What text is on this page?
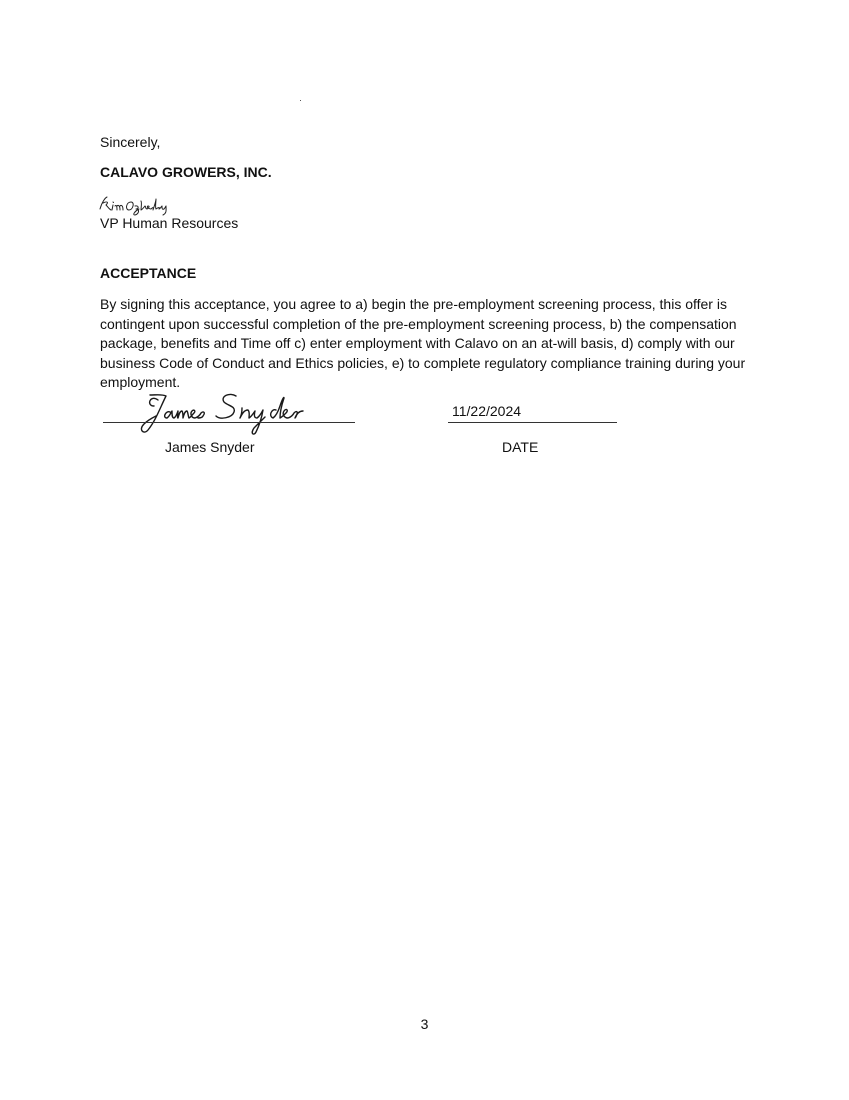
Sincerely,
CALAVO GROWERS, INC.
VP Human Resources
ACCEPTANCE
By signing this acceptance, you agree to a) begin the pre-employment screening process, this offer is contingent upon successful completion of the pre-employment screening process, b) the compensation package, benefits and Time off c) enter employment with Calavo on an at-will basis, d) comply with our business Code of Conduct and Ethics policies, e) to complete regulatory compliance training during your employment.
11/22/2024
James Snyder	DATE
3
